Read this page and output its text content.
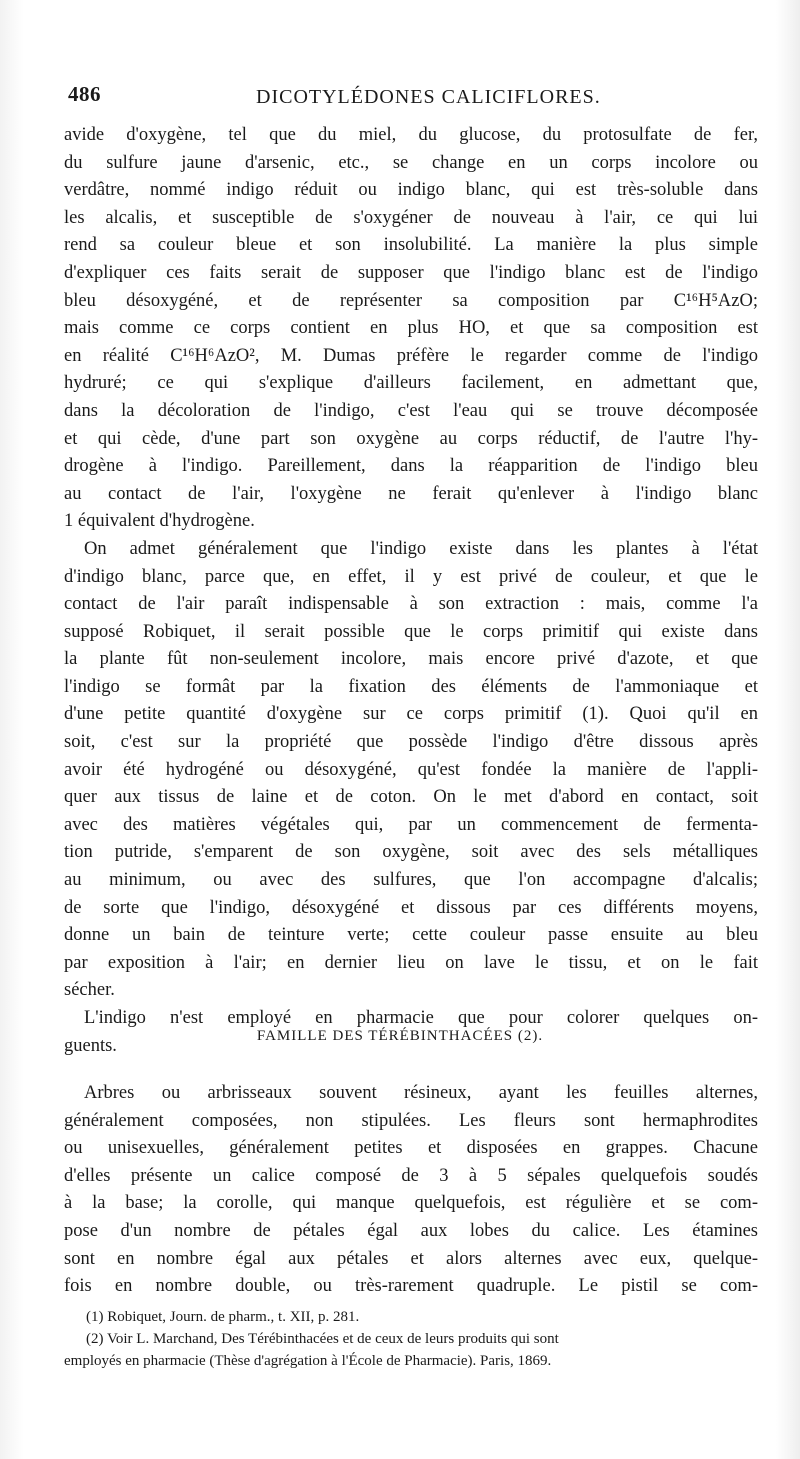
486	DICOTYLÉDONES CALICIFLORES.
avide d'oxygène, tel que du miel, du glucose, du protosulfate de fer,
du sulfure jaune d'arsenic, etc., se change en un corps incolore ou
verdâtre, nommé indigo réduit ou indigo blanc, qui est très-soluble dans
les alcalis, et susceptible de s'oxygéner de nouveau à l'air, ce qui lui
rend sa couleur bleue et son insolubilité. La manière la plus simple
d'expliquer ces faits serait de supposer que l'indigo blanc est de l'indigo
bleu désoxygéné, et de représenter sa composition par C¹⁶H⁵AzO;
mais comme ce corps contient en plus HO, et que sa composition est
en réalité C¹⁶H⁶AzO², M. Dumas préfère le regarder comme de l'indigo
hydruré; ce qui s'explique d'ailleurs facilement, en admettant que,
dans la décoloration de l'indigo, c'est l'eau qui se trouve décomposée
et qui cède, d'une part son oxygène au corps réductif, de l'autre l'hy-
drogène à l'indigo. Pareillement, dans la réapparition de l'indigo bleu
au contact de l'air, l'oxygène ne ferait qu'enlever à l'indigo blanc
1 équivalent d'hydrogène.
On admet généralement que l'indigo existe dans les plantes à l'état
d'indigo blanc, parce que, en effet, il y est privé de couleur, et que le
contact de l'air paraît indispensable à son extraction : mais, comme l'a
supposé Robiquet, il serait possible que le corps primitif qui existe dans
la plante fût non-seulement incolore, mais encore privé d'azote, et que
l'indigo se formât par la fixation des éléments de l'ammoniaque et
d'une petite quantité d'oxygène sur ce corps primitif (1). Quoi qu'il en
soit, c'est sur la propriété que possède l'indigo d'être dissous après
avoir été hydrogéné ou désoxygéné, qu'est fondée la manière de l'appli-
quer aux tissus de laine et de coton. On le met d'abord en contact, soit
avec des matières végétales qui, par un commencement de fermenta-
tion putride, s'emparent de son oxygène, soit avec des sels métalliques
au minimum, ou avec des sulfures, que l'on accompagne d'alcalis;
de sorte que l'indigo, désoxygéné et dissous par ces différents moyens,
donne un bain de teinture verte; cette couleur passe ensuite au bleu
par exposition à l'air; en dernier lieu on lave le tissu, et on le fait
sécher.
L'indigo n'est employé en pharmacie que pour colorer quelques on-
guents.	FAMILLE DES TÉRÉBINTHACÉES (2).
Arbres ou arbrisseaux souvent résineux, ayant les feuilles alternes,
généralement composées, non stipulées. Les fleurs sont hermaphrodites
ou unisexuelles, généralement petites et disposées en grappes. Chacune
d'elles présente un calice composé de 3 à 5 sépales quelquefois soudés
à la base; la corolle, qui manque quelquefois, est régulière et se com-
pose d'un nombre de pétales égal aux lobes du calice. Les étamines
sont en nombre égal aux pétales et alors alternes avec eux, quelque-
fois en nombre double, ou très-rarement quadruple. Le pistil se com-
(1) Robiquet, Journ. de pharm., t. XII, p. 281.
(2) Voir L. Marchand, Des Térébinthacées et de ceux de leurs produits qui sont
employés en pharmacie (Thèse d'agrégation à l'École de Pharmacie). Paris, 1869.
